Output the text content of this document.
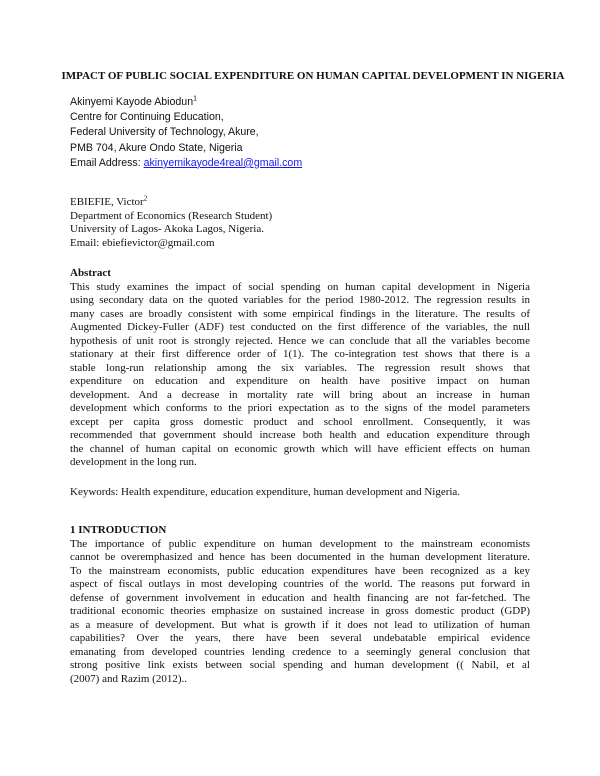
IMPACT OF PUBLIC SOCIAL EXPENDITURE ON HUMAN CAPITAL DEVELOPMENT IN NIGERIA
Akinyemi Kayode Abiodun$^1$
Centre for Continuing Education,
Federal University of Technology, Akure,
PMB 704, Akure Ondo State, Nigeria
Email Address: akinyemikayode4real@gmail.com
EBIEFIE, Victor$^2$
Department of Economics (Research Student)
University of Lagos- Akoka Lagos, Nigeria.
Email: ebiefievictor@gmail.com
Abstract
This study examines the impact of social spending on human capital development in Nigeria
using secondary data on the quoted variables for the period 1980-2012. The regression results in
many cases are broadly consistent with some empirical findings in the literature. The results of
Augmented Dickey-Fuller (ADF) test conducted on the first difference of the variables, the null
hypothesis of unit root is strongly rejected. Hence we can conclude that all the variables become
stationary at their first difference order of 1(1). The co-integration test shows that there is a
stable long-run relationship among the six variables. The regression result shows that
expenditure on education and expenditure on health have positive impact on human
development. And a decrease in mortality rate will bring about an increase in human
development which conforms to the priori expectation as to the signs of the model parameters
except per capita gross domestic product and school enrollment. Consequently, it was
recommended that government should increase both health and education expenditure through
the channel of human capital on economic growth which will have efficient effects on human
development in the long run.
Keywords: Health expenditure, education expenditure, human development and Nigeria.
1 INTRODUCTION
The importance of public expenditure on human development to the mainstream economists
cannot be overemphasized and hence has been documented in the human development literature.
To the mainstream economists, public education expenditures have been recognized as a key
aspect of fiscal outlays in most developing countries of the world. The reasons put forward in
defense of government involvement in education and health financing are not far-fetched. The
traditional economic theories emphasize on sustained increase in gross domestic product (GDP)
as a measure of development. But what is growth if it does not lead to utilization of human
capabilities? Over the years, there have been several undebatable empirical evidence
emanating from developed countries lending credence to a seemingly general conclusion that
strong positive link exists between social spending and human development (( Nabil, et al
(2007) and Razim (2012)..
